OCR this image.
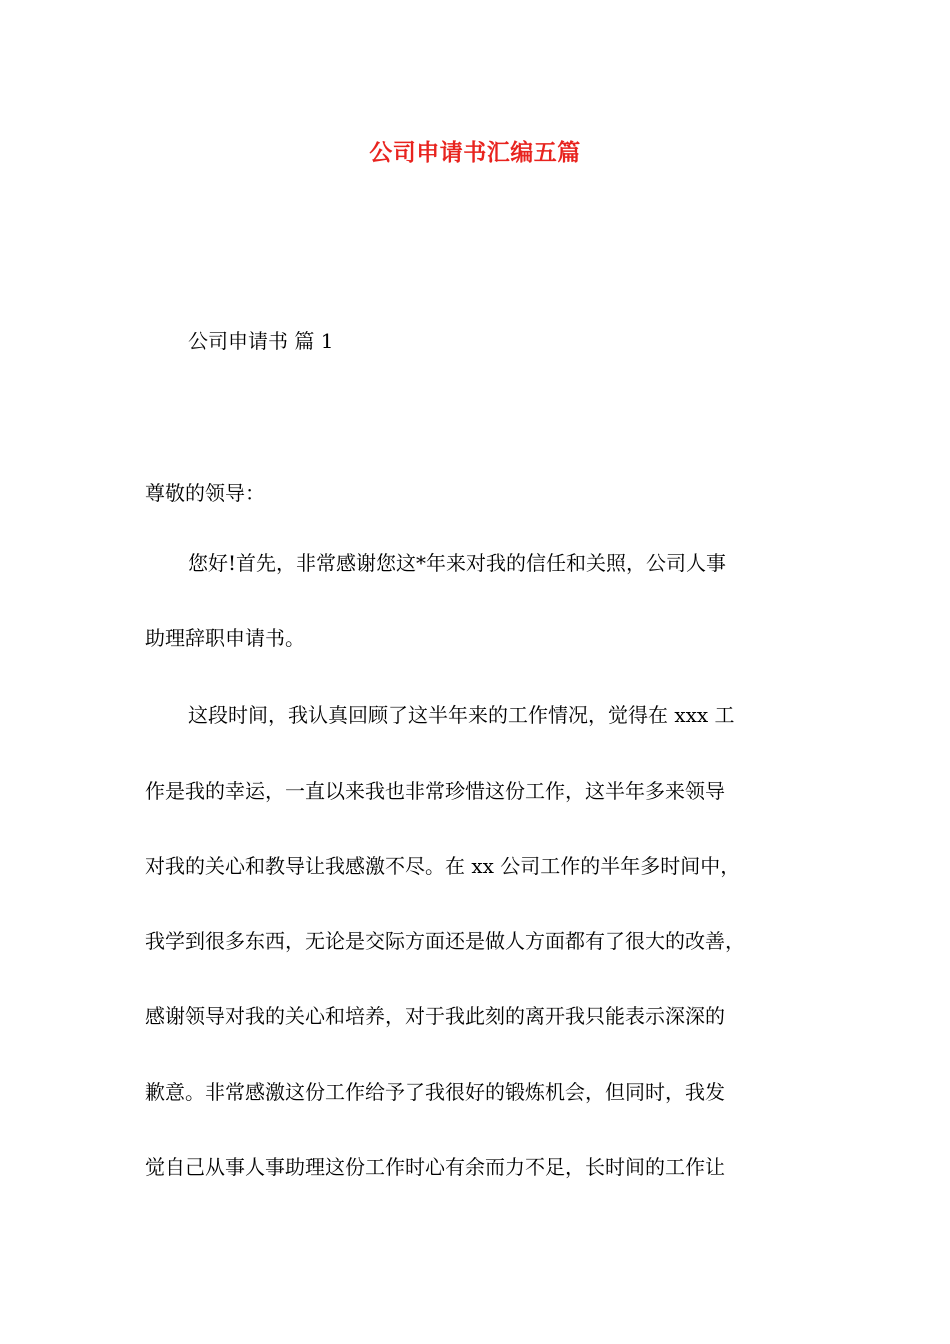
公司申请书汇编五篇
公司申请书 篇 1
尊敬的领导：
您好!首先，非常感谢您这*年来对我的信任和关照，公司人事
助理辞职申请书。
这段时间，我认真回顾了这半年来的工作情况，觉得在 xxx 工
作是我的幸运，一直以来我也非常珍惜这份工作，这半年多来领导
对我的关心和教导让我感激不尽。在 xx 公司工作的半年多时间中，
我学到很多东西，无论是交际方面还是做人方面都有了很大的改善，
感谢领导对我的关心和培养，对于我此刻的离开我只能表示深深的
歉意。非常感激这份工作给予了我很好的锻炼机会，但同时，我发
觉自己从事人事助理这份工作时心有余而力不足，长时间的工作让
